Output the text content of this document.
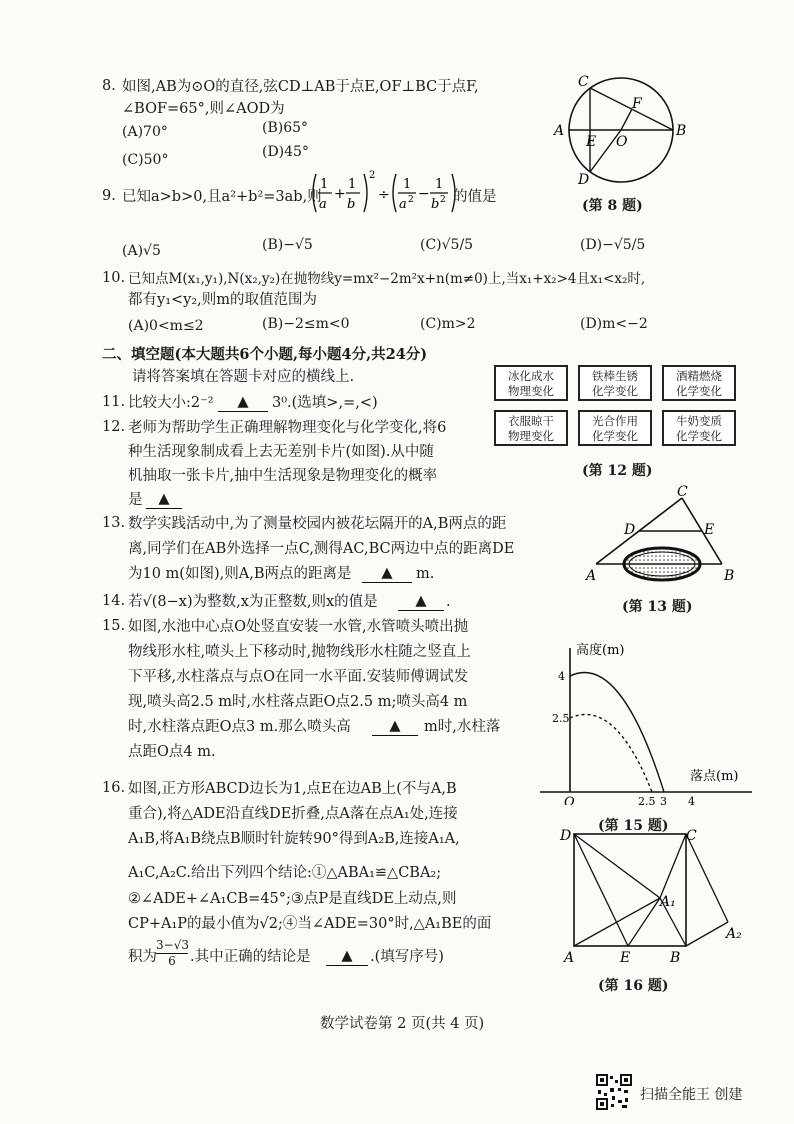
8. 如图,AB为⊙O的直径,弦CD⊥AB于点E,OF⊥BC于点F,
∠BOF=65°,则∠AOD为
(A)70°	(B)65°
(C)50°	(D)45°
C
A	B
D
E
F
O
(第 8 题)
9. 已知a>b>0,且a²+b²=3ab,则
1
a
+
1
b
2
÷
1
a 2 −
1
b 2 的值是
(A)√5	(B)−√5	(C)√5/5	(D)−√5/5
10. 已知点M(x₁,y₁),N(x₂,y₂)在抛物线y=mx²−2m²x+n(m≠0)上,当x₁+x₂>4且x₁<x₂时,
都有y₁<y₂,则m的取值范围为
(A)0<m≤2	(B)−2≤m<0	(C)m>2	(D)m<−2
二、填空题(本大题共6个小题,每小题4分,共24分)
请将答案填在答题卡对应的横线上.
11. 比较大小:2⁻²	▲	3⁰.(选填>,=,<)
冰化成水
物理变化
铁棒生锈
化学变化
酒精燃烧
化学变化
衣服晾干
物理变化
光合作用
化学变化
牛奶变质
化学变化
(第 12 题)
12. 老师为帮助学生正确理解物理变化与化学变化,将6
种生活现象制成看上去无差别卡片(如图).从中随
机抽取一张卡片,抽中生活现象是物理变化的概率
是	▲
13. 数学实践活动中,为了测量校园内被花坛隔开的A,B两点的距
离,同学们在AB外选择一点C,测得AC,BC两边中点的距离DE
为10 m(如图),则A,B两点的距离是	▲	m.
C
D	E
A	B
(第 13 题)
14. 若√(8−x)为整数,x为正整数,则x的值是	▲	.
15. 如图,水池中心点O处竖直安装一水管,水管喷头喷出抛
物线形水柱,喷头上下移动时,抛物线形水柱随之竖直上
下平移,水柱落点与点O在同一水平面.安装师傅调试发
现,喷头高2.5 m时,水柱落点距O点2.5 m;喷头高4 m
时,水柱落点距O点3 m.那么喷头高	▲	m时,水柱落
点距O点4 m.
高度(m)
落点(m)
O
4
2.5
2.5 3 4
(第 15 题)
16. 如图,正方形ABCD边长为1,点E在边AB上(不与A,B
重合),将△ADE沿直线DE折叠,点A落在点A₁处,连接
A₁B,将A₁B绕点B顺时针旋转90°得到A₂B,连接A₁A,
A₁C,A₂C.给出下列四个结论:①△ABA₁≌△CBA₂;
②∠ADE+∠A₁CB=45°;③点P是直线DE上动点,则
CP+A₁P的最小值为√2;④当∠ADE=30°时,△A₁BE的面
积为 $\frac{3-√3}{6}$ .其中正确的结论是	▲	.(填写序号)
D	C
A	E	B
A₁
A₂
(第 16 题)
数学试卷第 2 页(共 4 页)
扫描全能王 创建
